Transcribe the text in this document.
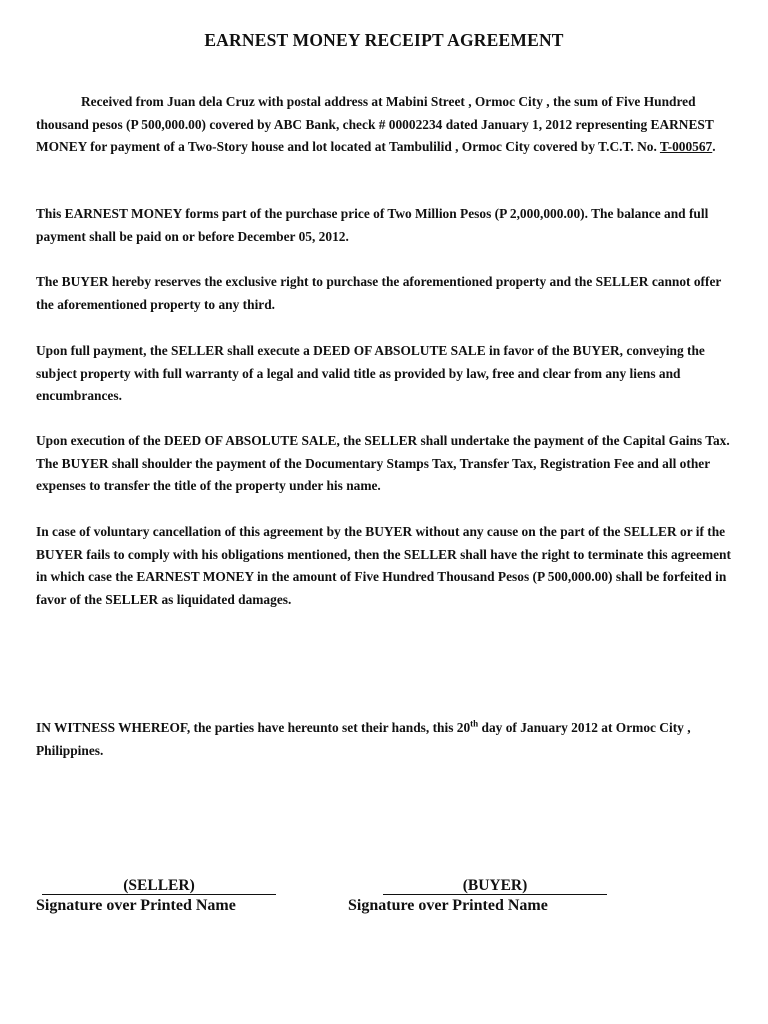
EARNEST MONEY RECEIPT AGREEMENT

Received from Juan dela Cruz with postal address at Mabini Street , Ormoc City , the sum of Five Hundred thousand pesos (P 500,000.00) covered by ABC Bank, check # 00002234 dated January 1, 2012 representing EARNEST MONEY for payment of a Two-Story house and lot located at Tambulilid , Ormoc City covered by T.C.T. No. T-000567.

This EARNEST MONEY forms part of the purchase price of Two Million Pesos (P 2,000,000.00). The balance and full payment shall be paid on or before December 05, 2012.

The BUYER hereby reserves the exclusive right to purchase the aforementioned property and the SELLER cannot offer the aforementioned property to any third.

Upon full payment, the SELLER shall execute a DEED OF ABSOLUTE SALE in favor of the BUYER, conveying the subject property with full warranty of a legal and valid title as provided by law, free and clear from any liens and encumbrances.

Upon execution of the DEED OF ABSOLUTE SALE, the SELLER shall undertake the payment of the Capital Gains Tax. The BUYER shall shoulder the payment of the Documentary Stamps Tax, Transfer Tax, Registration Fee and all other expenses to transfer the title of the property under his name.

In case of voluntary cancellation of this agreement by the BUYER without any cause on the part of the SELLER or if the BUYER fails to comply with his obligations mentioned, then the SELLER shall have the right to terminate this agreement in which case the EARNEST MONEY in the amount of Five Hundred Thousand Pesos (P 500,000.00) shall be forfeited in favor of the SELLER as liquidated damages.

IN WITNESS WHEREOF, the parties have hereunto set their hands, this 20th day of January 2012 at Ormoc City , Philippines.

(SELLER)
Signature over Printed Name
(BUYER)
Signature over Printed Name
